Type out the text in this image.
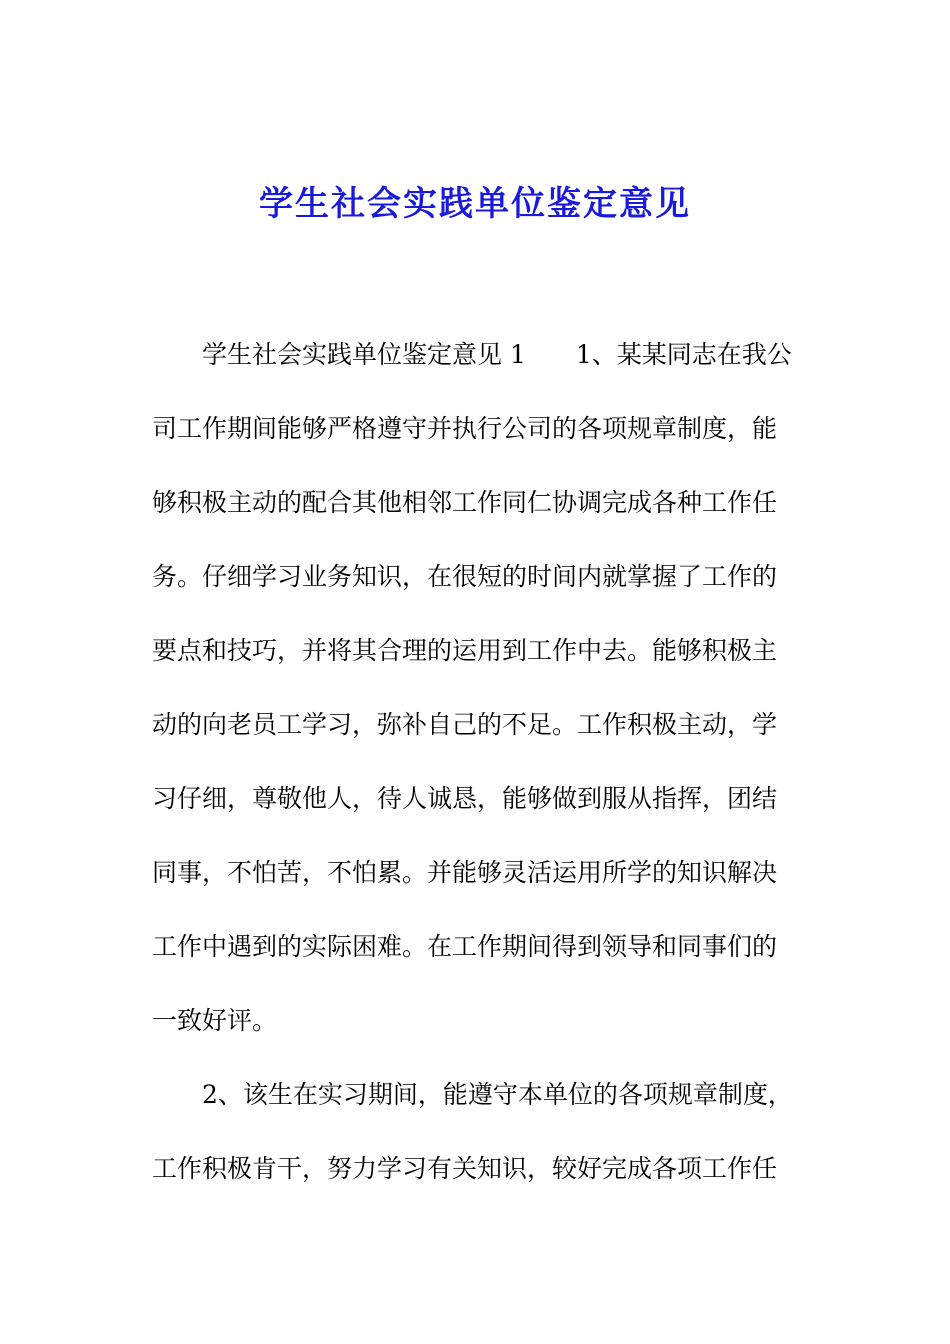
学生社会实践单位鉴定意见

学生社会实践单位鉴定意见 1　　1、某某同志在我公
司工作期间能够严格遵守并执行公司的各项规章制度，能
够积极主动的配合其他相邻工作同仁协调完成各种工作任
务。仔细学习业务知识，在很短的时间内就掌握了工作的
要点和技巧，并将其合理的运用到工作中去。能够积极主
动的向老员工学习，弥补自己的不足。工作积极主动，学
习仔细，尊敬他人，待人诚恳，能够做到服从指挥，团结
同事，不怕苦，不怕累。并能够灵活运用所学的知识解决
工作中遇到的实际困难。在工作期间得到领导和同事们的
一致好评。

2、该生在实习期间，能遵守本单位的各项规章制度，
工作积极肯干，努力学习有关知识，较好完成各项工作任
